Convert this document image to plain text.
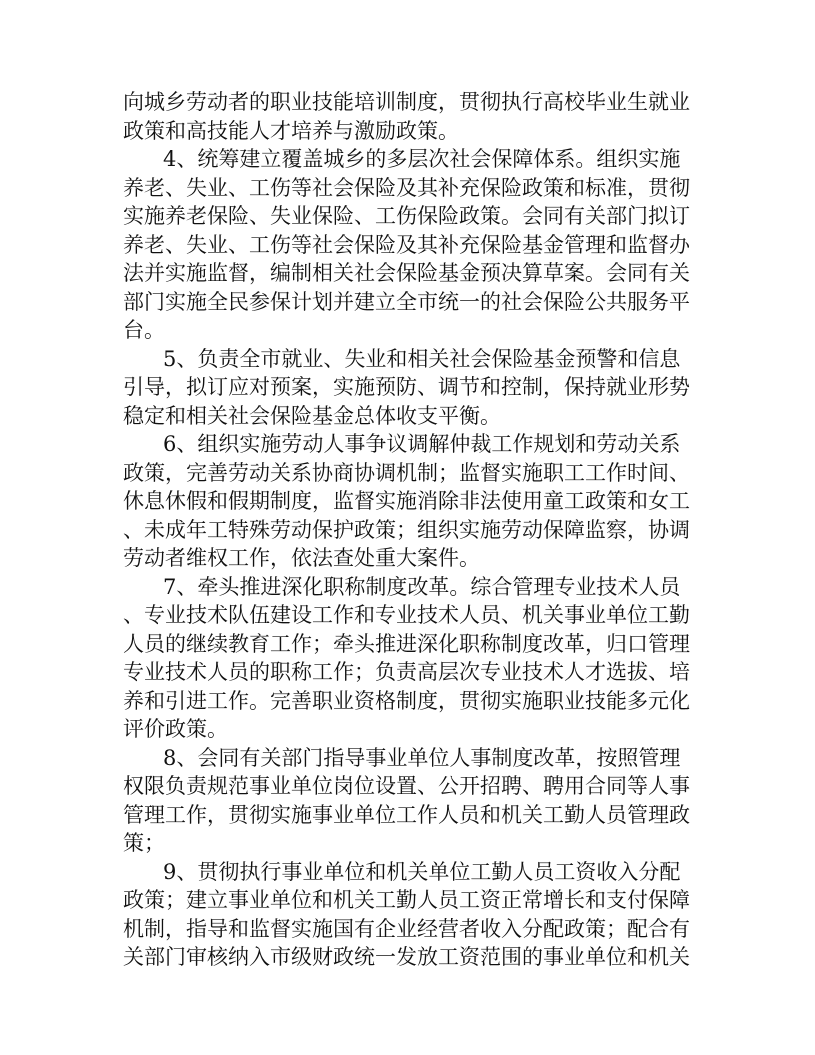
向城乡劳动者的职业技能培训制度，贯彻执行高校毕业生就业
政策和高技能人才培养与激励政策。
4、统筹建立覆盖城乡的多层次社会保障体系。组织实施
养老、失业、工伤等社会保险及其补充保险政策和标准，贯彻
实施养老保险、失业保险、工伤保险政策。会同有关部门拟订
养老、失业、工伤等社会保险及其补充保险基金管理和监督办
法并实施监督，编制相关社会保险基金预决算草案。会同有关
部门实施全民参保计划并建立全市统一的社会保险公共服务平
台。
5、负责全市就业、失业和相关社会保险基金预警和信息
引导，拟订应对预案，实施预防、调节和控制，保持就业形势
稳定和相关社会保险基金总体收支平衡。
6、组织实施劳动人事争议调解仲裁工作规划和劳动关系
政策，完善劳动关系协商协调机制；监督实施职工工作时间、
休息休假和假期制度，监督实施消除非法使用童工政策和女工
、未成年工特殊劳动保护政策；组织实施劳动保障监察，协调
劳动者维权工作，依法查处重大案件。
7、牵头推进深化职称制度改革。综合管理专业技术人员
、专业技术队伍建设工作和专业技术人员、机关事业单位工勤
人员的继续教育工作；牵头推进深化职称制度改革，归口管理
专业技术人员的职称工作；负责高层次专业技术人才选拔、培
养和引进工作。完善职业资格制度，贯彻实施职业技能多元化
评价政策。
8、会同有关部门指导事业单位人事制度改革，按照管理
权限负责规范事业单位岗位设置、公开招聘、聘用合同等人事
管理工作，贯彻实施事业单位工作人员和机关工勤人员管理政
策；
9、贯彻执行事业单位和机关单位工勤人员工资收入分配
政策；建立事业单位和机关工勤人员工资正常增长和支付保障
机制，指导和监督实施国有企业经营者收入分配政策；配合有
关部门审核纳入市级财政统一发放工资范围的事业单位和机关
